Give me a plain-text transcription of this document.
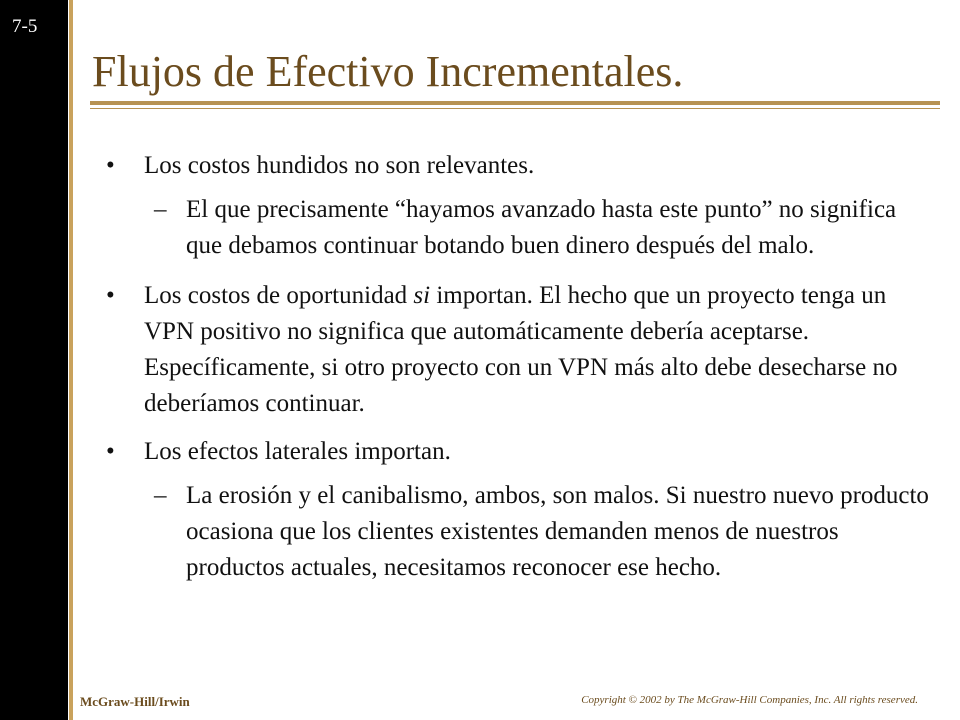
7-5
Flujos de Efectivo Incrementales.

• Los costos hundidos no son relevantes.

– El que precisamente “hayamos avanzado hasta este punto” no significa que debamos continuar botando buen dinero después del malo.

• Los costos de oportunidad si importan. El hecho que un proyecto tenga un VPN positivo no significa que automáticamente debería aceptarse. Específicamente, si otro proyecto con un VPN más alto debe desecharse no deberíamos continuar.

• Los efectos laterales importan.

– La erosión y el canibalismo, ambos, son malos. Si nuestro nuevo producto ocasiona que los clientes existentes demanden menos de nuestros productos actuales, necesitamos reconocer ese hecho.

McGraw-Hill/Irwin	Copyright © 2002 by The McGraw-Hill Companies, Inc. All rights reserved.
